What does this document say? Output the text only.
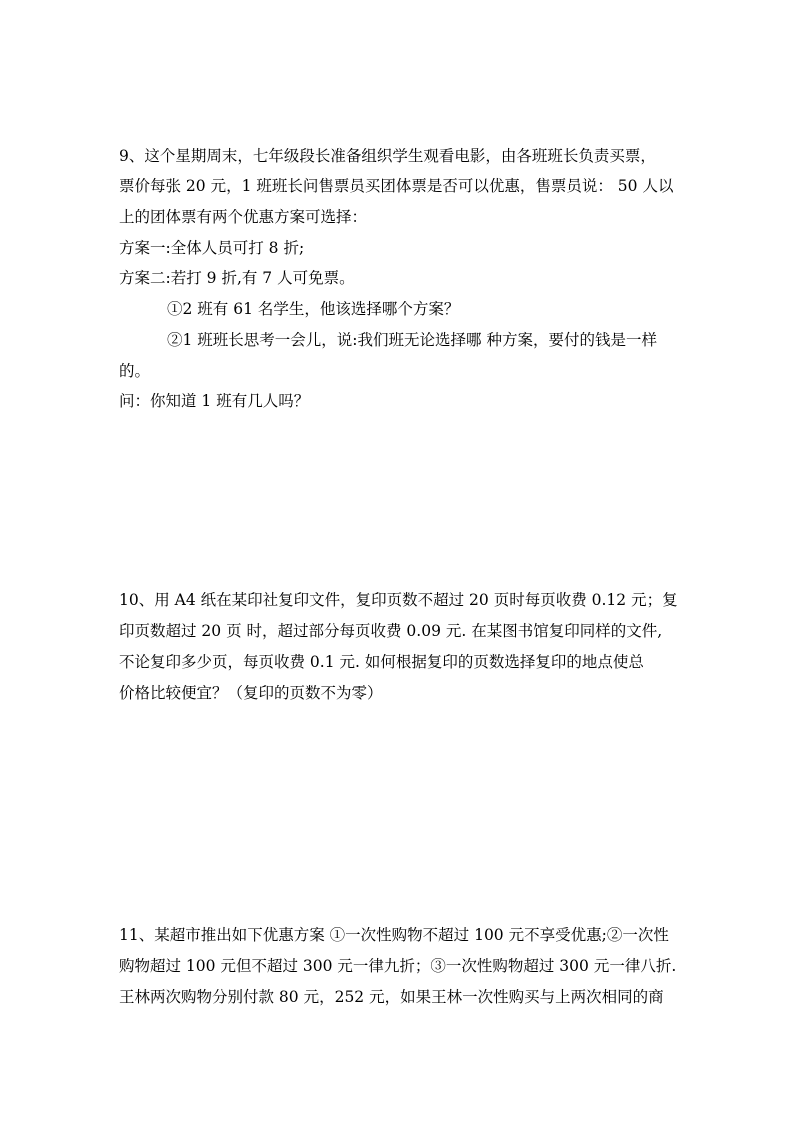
9、这个星期周末，七年级段长准备组织学生观看电影，由各班班长负责买票，
票价每张 20 元，1 班班长问售票员买团体票是否可以优惠，售票员说： 50 人以
上的团体票有两个优惠方案可选择：
方案一:全体人员可打 8 折;
方案二:若打 9 折,有 7 人可免票。
①2 班有 61 名学生，他该选择哪个方案？
②1 班班长思考一会儿，说:我们班无论选择哪 种方案，要付的钱是一样
的。
问：你知道 1 班有几人吗？
10、用 A4 纸在某印社复印文件，复印页数不超过 20 页时每页收费 0.12 元；复
印页数超过 20 页 时，超过部分每页收费 0.09 元. 在某图书馆复印同样的文件,
不论复印多少页，每页收费 0.1 元. 如何根据复印的页数选择复印的地点使总
价格比较便宜？（复印的页数不为零）
11、某超市推出如下优惠方案 ①一次性购物不超过 100 元不享受优惠;②一次性
购物超过 100 元但不超过 300 元一律九折；③一次性购物超过 300 元一律八折.
王林两次购物分别付款 80 元，252 元，如果王林一次性购买与上两次相同的商
